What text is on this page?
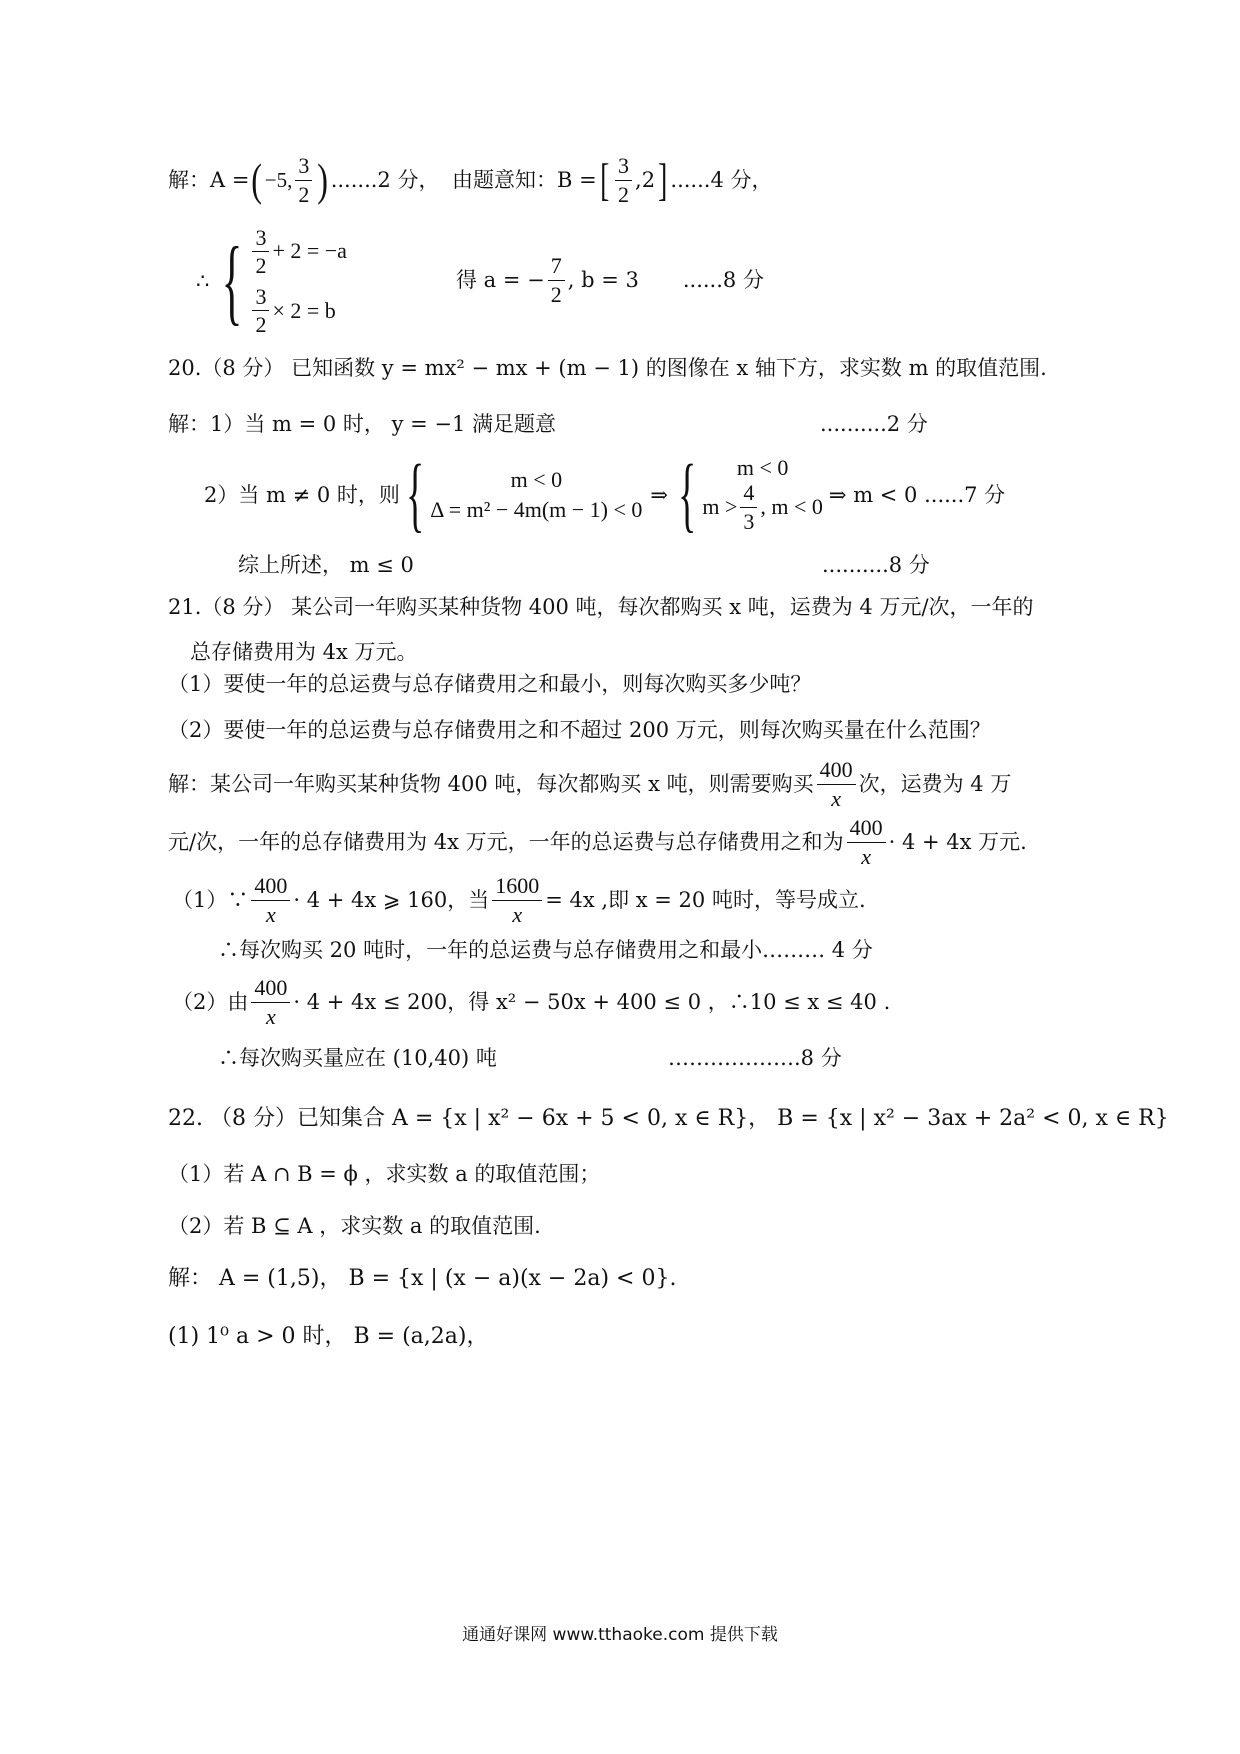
解：A = ( −5, $\frac{3}{2}$ ) .......2 分， 由题意知：B = [ $\frac{3}{2} ,2$ ] ......4 分，
∴ { $\frac{3}{2} + 2 = -a$
$\frac{3}{2} \times 2 = b$
得 a = − $\frac{7}{2}$ , b = 3 ......8 分
20.（8 分） 已知函数 y = mx² − mx + (m − 1) 的图像在 x 轴下方，求实数 m 的取值范围.
解：1）当 m = 0 时， y = −1 满足题意	..........2 分
2）当 m ≠ 0 时，则 {	m < 0
Δ = m² − 4m(m − 1) < 0
⇒ {	m < 0
$m > \frac{4}{3}$ , m < 0 ⇒ m < 0 ......7 分
综上所述， m ≤ 0	..........8 分
21.（8 分） 某公司一年购买某种货物 400 吨，每次都购买 x 吨，运费为 4 万元/次，一年的
总存储费用为 4x 万元。
（1）要使一年的总运费与总存储费用之和最小，则每次购买多少吨？
（2）要使一年的总运费与总存储费用之和不超过 200 万元，则每次购买量在什么范围？
解：某公司一年购买某种货物 400 吨，每次都购买 x 吨，则需要购买 $\frac{400}{x}$ 次，运费为 4 万
元/次，一年的总存储费用为 4x 万元，一年的总运费与总存储费用之和为 $\frac{400}{x} \cdot 4 + 4x$ 万元.
（1）∵ $\frac{400}{x} \cdot 4 + 4x$ ⩾ 160，当 $\frac{1600}{x} = 4x$ ,即 x = 20 吨时，等号成立.
∴每次购买 20 吨时，一年的总运费与总存储费用之和最小……… 4 分
（2）由 $\frac{400}{x} \cdot 4 + 4x \le 200$，得 x² − 50x + 400 ≤ 0 ，∴10 ≤ x ≤ 40 .
∴每次购买量应在 (10,40) 吨	……………….8 分
22. （8 分）已知集合 A = {x | x² − 6x + 5 < 0, x ∈ R}， B = {x | x² − 3ax + 2a² < 0, x ∈ R}
（1）若 A ∩ B = ϕ ，求实数 a 的取值范围；
（2）若 B ⊆ A ，求实数 a 的取值范围.
解： A = (1,5)， B = {x | (x − a)(x − 2a) < 0}.
(1) 1⁰ a > 0 时， B = (a,2a)，
通通好课网 www.tthaoke.com 提供下载
